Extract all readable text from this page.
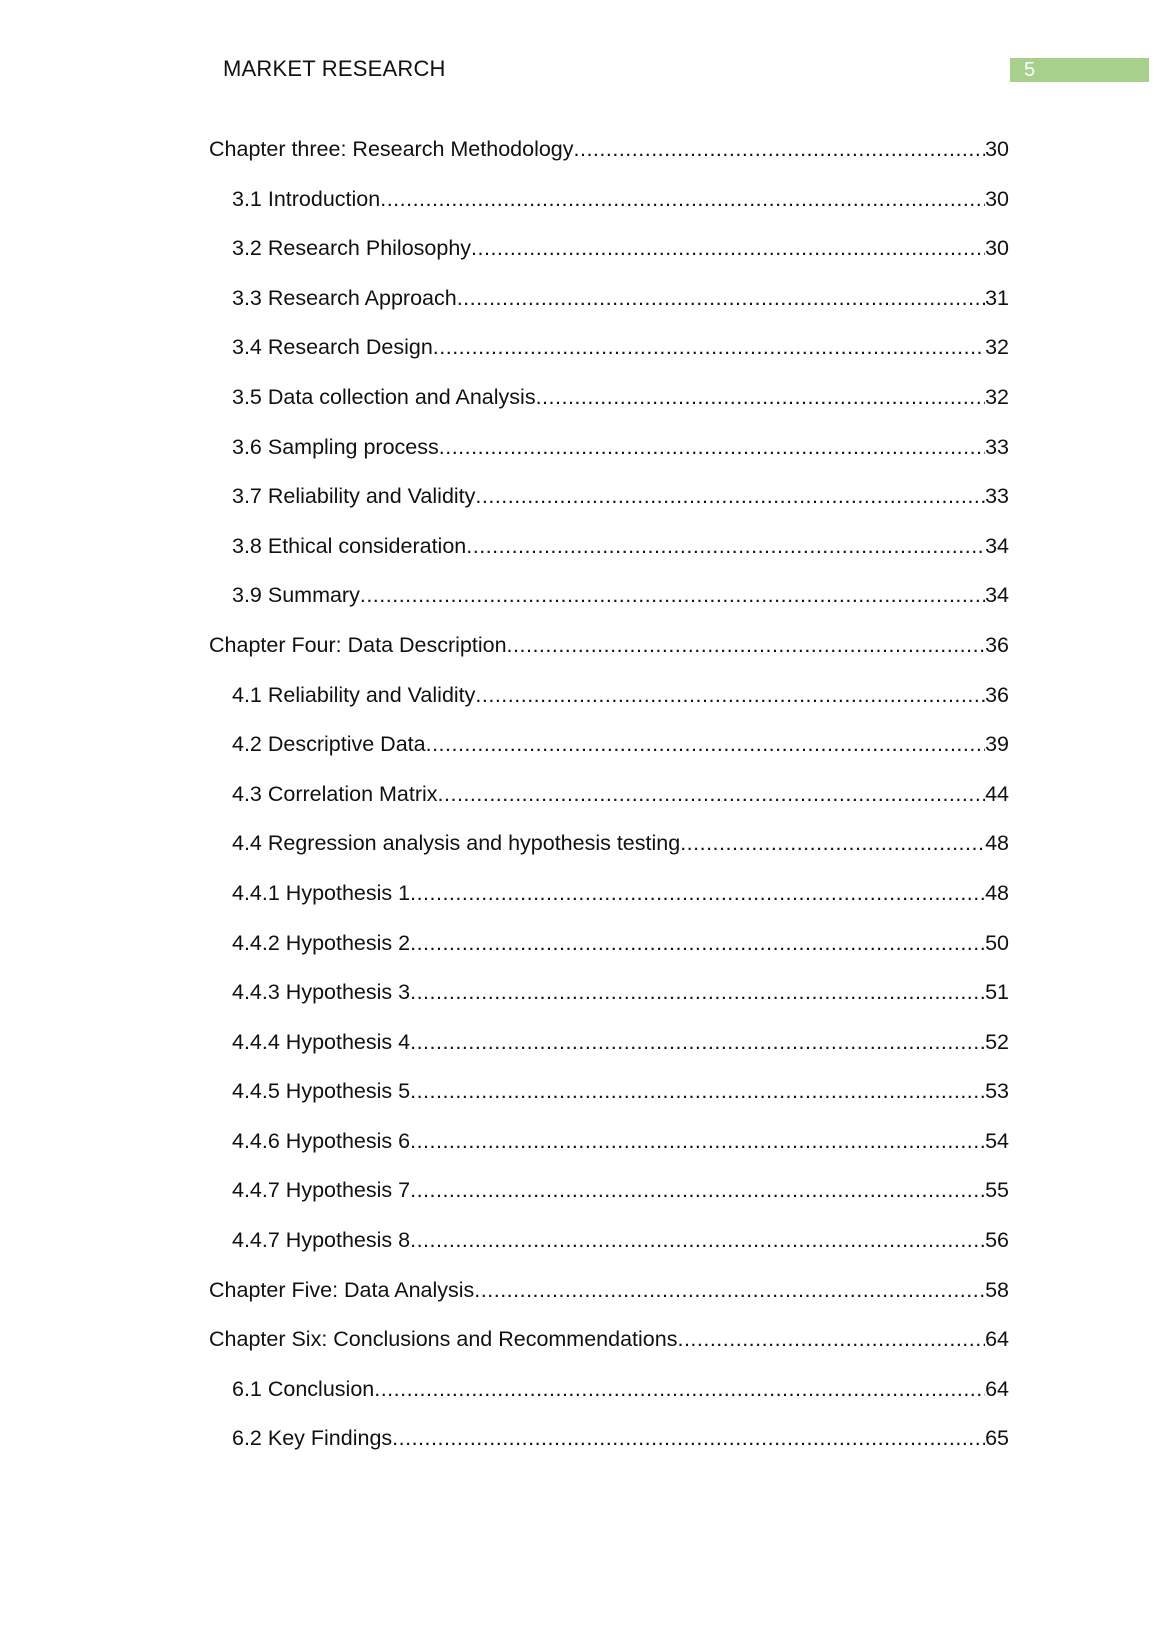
MARKET RESEARCH	5
Chapter three: Research Methodology .....	30
3.1 Introduction .....	30
3.2 Research Philosophy .....	30
3.3 Research Approach .....	31
3.4 Research Design .....	32
3.5 Data collection and Analysis .....	32
3.6 Sampling process .....	33
3.7 Reliability and Validity .....	33
3.8 Ethical consideration .....	34
3.9 Summary .....	34
Chapter Four: Data Description .....	36
4.1 Reliability and Validity .....	36
4.2 Descriptive Data .....	39
4.3 Correlation Matrix .....	44
4.4 Regression analysis and hypothesis testing .....	48
4.4.1 Hypothesis 1 .....	48
4.4.2 Hypothesis 2 .....	50
4.4.3 Hypothesis 3 .....	51
4.4.4 Hypothesis 4 .....	52
4.4.5 Hypothesis 5 .....	53
4.4.6 Hypothesis 6 .....	54
4.4.7 Hypothesis 7 .....	55
4.4.7 Hypothesis 8 .....	56
Chapter Five: Data Analysis .....	58
Chapter Six: Conclusions and Recommendations .....	64
6.1 Conclusion .....	64
6.2 Key Findings .....	65
